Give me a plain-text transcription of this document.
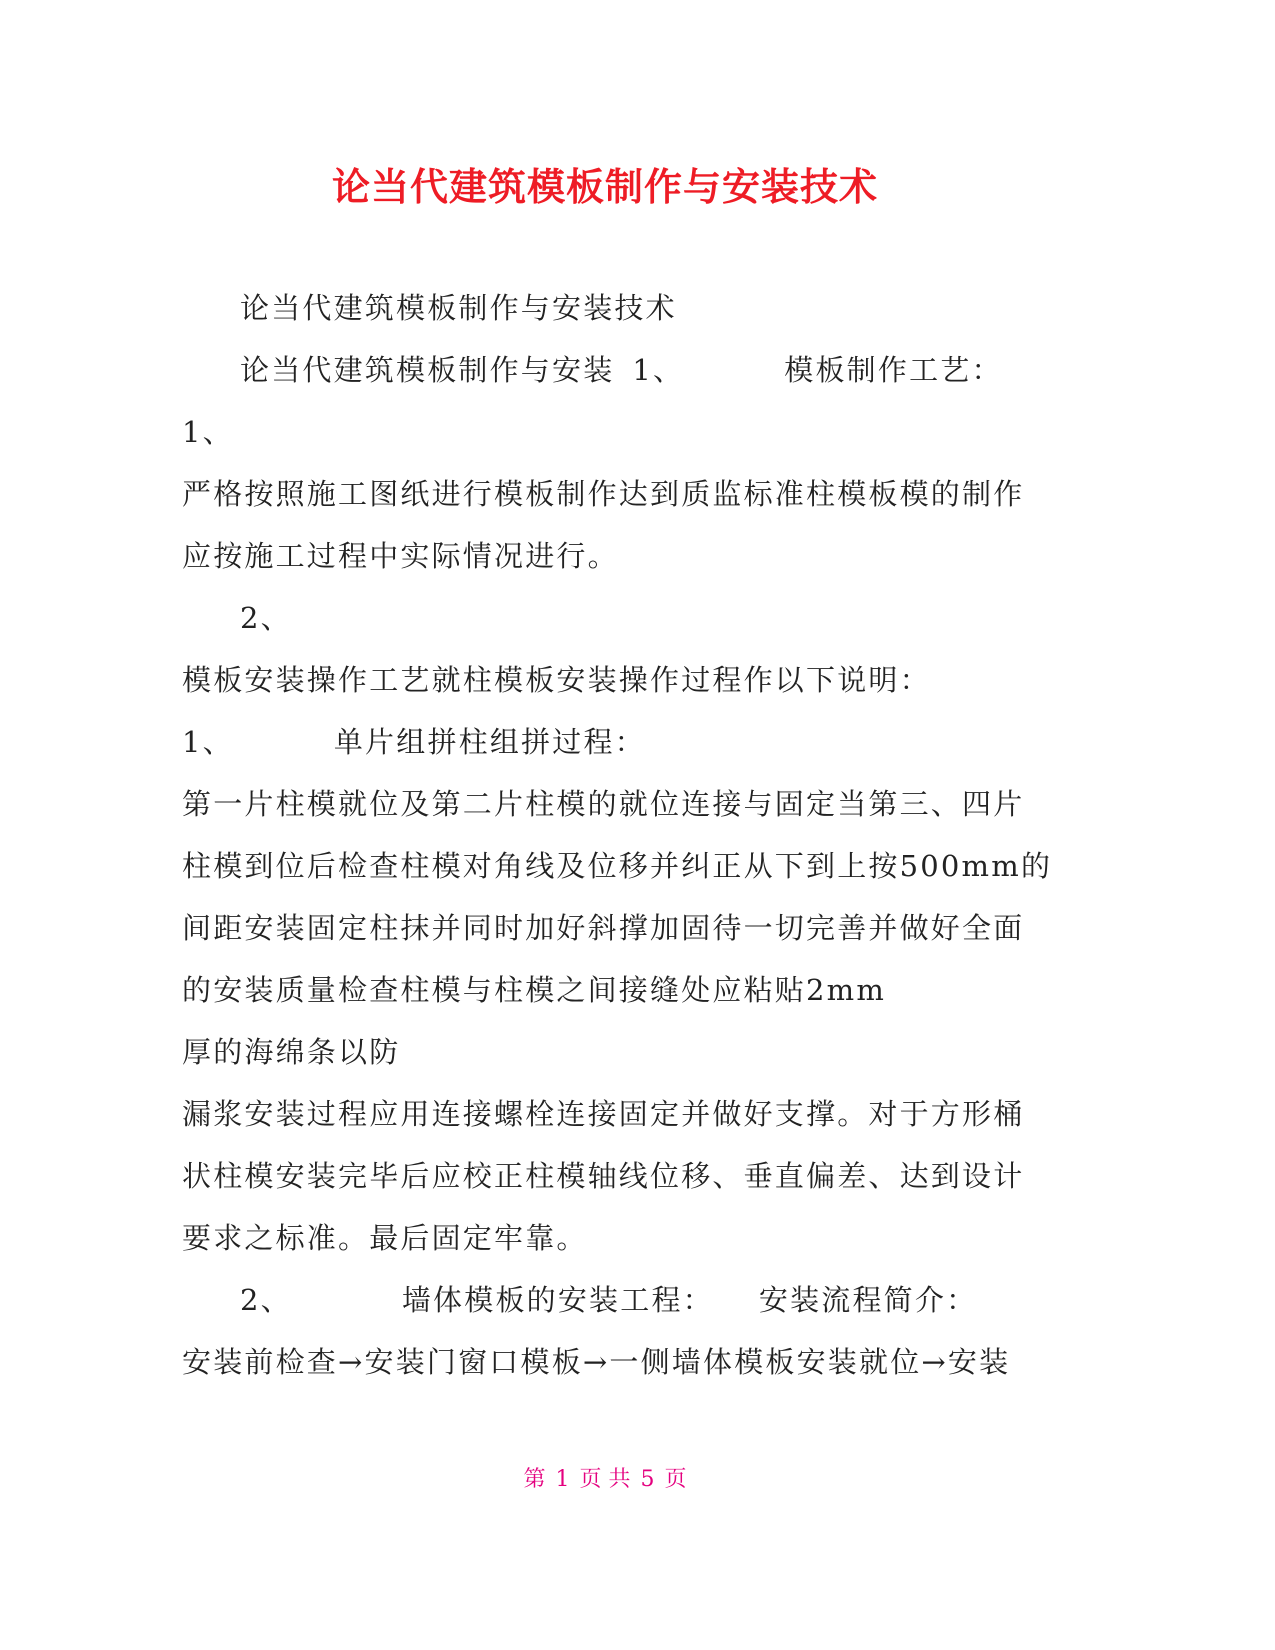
论当代建筑模板制作与安装技术
论当代建筑模板制作与安装技术
论当代建筑模板制作与安装 1、	模板制作工艺：
1、
严格按照施工图纸进行模板制作达到质监标准柱模板模的制作
应按施工过程中实际情况进行。
2、
模板安装操作工艺就柱模板安装操作过程作以下说明：
1、	单片组拼柱组拼过程：
第一片柱模就位及第二片柱模的就位连接与固定当第三、四片
柱模到位后检查柱模对角线及位移并纠正从下到上按500mm的
间距安装固定柱抹并同时加好斜撑加固待一切完善并做好全面
的安装质量检查柱模与柱模之间接缝处应粘贴2mm
厚的海绵条以防
漏浆安装过程应用连接螺栓连接固定并做好支撑。对于方形桶
状柱模安装完毕后应校正柱模轴线位移、垂直偏差、达到设计
要求之标准。最后固定牢靠。
2、	墙体模板的安装工程： 安装流程简介：
安装前检查→安装门窗口模板→一侧墙体模板安装就位→安装
第 1 页 共 5 页
